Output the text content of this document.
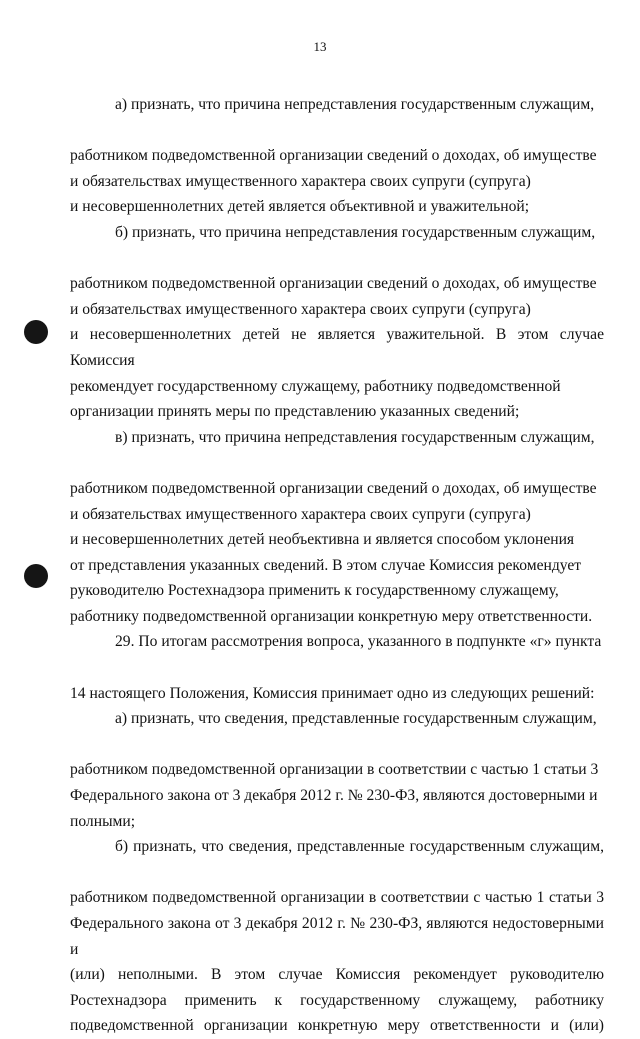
13

а) признать, что причина непредставления государственным служащим,

работником подведомственной организации сведений о доходах, об имуществе
и обязательствах имущественного характера своих супруги (супруга)
и несовершеннолетних детей является объективной и уважительной;

б) признать, что причина непредставления государственным служащим,

работником подведомственной организации сведений о доходах, об имуществе
и обязательствах имущественного характера своих супруги (супруга)
и несовершеннолетних детей не является уважительной. В этом случае Комиссия
рекомендует государственному служащему, работнику подведомственной
организации принять меры по представлению указанных сведений;

в) признать, что причина непредставления государственным служащим,

работником подведомственной организации сведений о доходах, об имуществе
и обязательствах имущественного характера своих супруги (супруга)
и несовершеннолетних детей необъективна и является способом уклонения
от представления указанных сведений. В этом случае Комиссия рекомендует
руководителю Ростехнадзора применить к государственному служащему,
работнику подведомственной организации конкретную меру ответственности.

29. По итогам рассмотрения вопроса, указанного в подпункте «г» пункта

14 настоящего Положения, Комиссия принимает одно из следующих решений:

а) признать, что сведения, представленные государственным служащим,

работником подведомственной организации в соответствии с частью 1 статьи 3
Федерального закона от 3 декабря 2012 г. № 230-ФЗ, являются достоверными и
полными;

б) признать, что сведения, представленные государственным служащим,

работником подведомственной организации в соответствии с частью 1 статьи 3
Федерального закона от 3 декабря 2012 г. № 230-ФЗ, являются недостоверными и
(или) неполными. В этом случае Комиссия рекомендует руководителю
Ростехнадзора применить к государственному служащему, работнику
подведомственной организации конкретную меру ответственности и (или)
